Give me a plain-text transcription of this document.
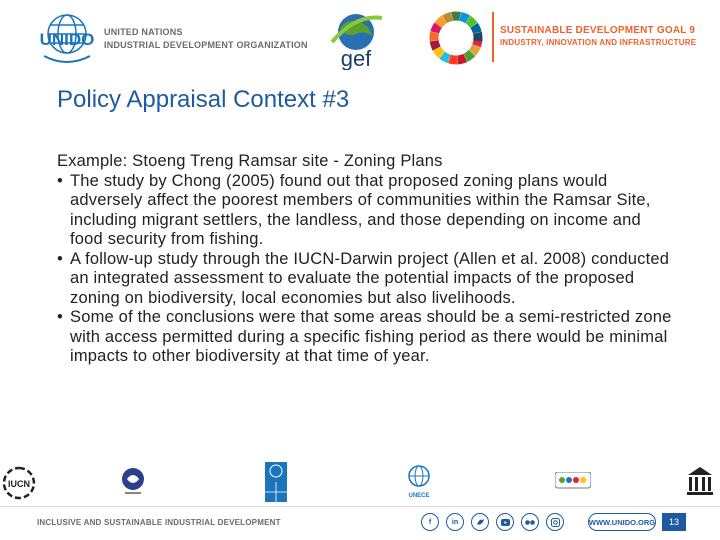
UNIDO UNITED NATIONS
INDUSTRIAL DEVELOPMENT ORGANIZATION
gef
SUSTAINABLE DEVELOPMENT GOAL 9
INDUSTRY, INNOVATION AND INFRASTRUCTURE
Policy Appraisal Context #3

Example: Stoeng Treng Ramsar site - Zoning Plans

• The study by Chong (2005) found out that proposed zoning plans would adversely affect the poorest members of communities within the Ramsar Site, including migrant settlers, the landless, and those depending on income and food security from fishing.
• A follow-up study through the IUCN-Darwin project (Allen et al. 2008) conducted an integrated assessment to evaluate the potential impacts of the proposed zoning on biodiversity, local economies but also livelihoods.
• Some of the conclusions were that some areas should be a semi-restricted zone with access permitted during a specific fishing period as there would be minimal impacts to other biodiversity at that time of year.
IUCN
UNECE
INCLUSIVE AND SUSTAINABLE INDUSTRIAL DEVELOPMENT	f	in	WWW.UNIDO.ORG	13
